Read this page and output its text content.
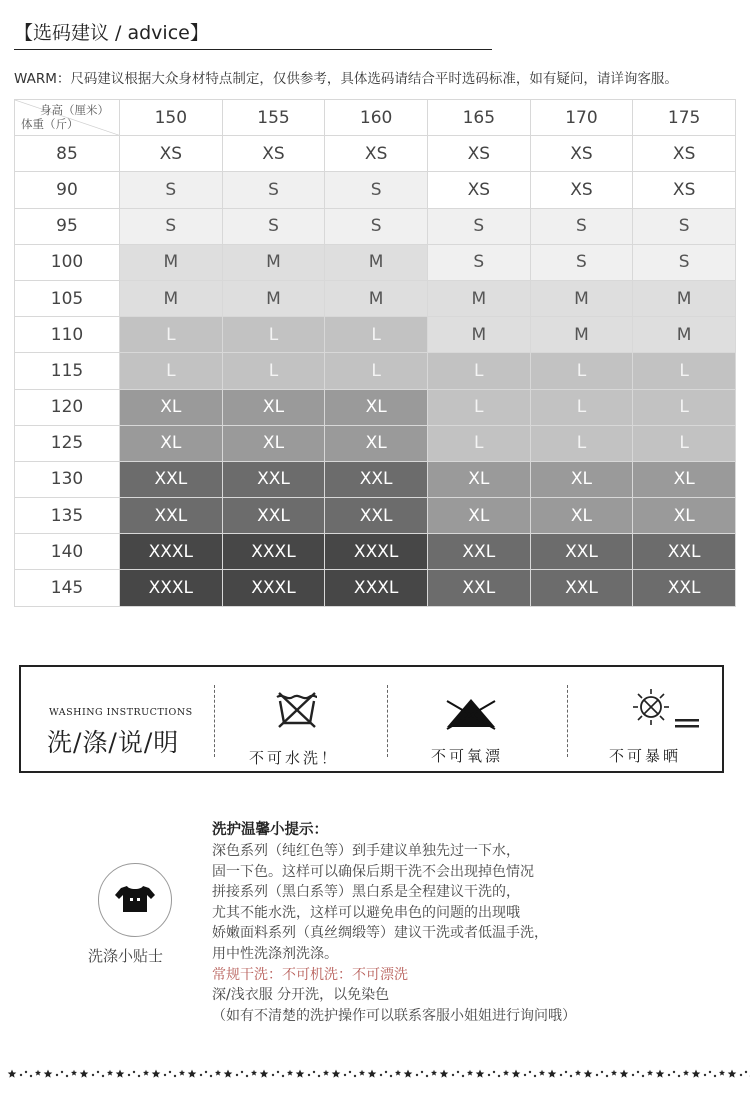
【选码建议 / advice】
WARM：尺码建议根据大众身材特点制定，仅供参考，具体选码请结合平时选码标准，如有疑问，请详询客服。
身高（厘米）
体重（斤）	150	155	160	165	170	175
85	XS	XS	XS	XS	XS	XS
90	S	S	S	XS	XS	XS
95	S	S	S	S	S	S
100	M	M	M	S	S	S
105	M	M	M	M	M	M
110	L	L	L	M	M	M
115	L	L	L	L	L	L
120	XL	XL	XL	L	L	L
125	XL	XL	XL	L	L	L
130	XXL	XXL	XXL	XL	XL	XL
135	XXL	XXL	XXL	XL	XL	XL
140	XXXL	XXXL	XXXL	XXL	XXL	XXL
145	XXXL	XXXL	XXXL	XXL	XXL	XXL
WASHING INSTRUCTIONS
洗/涤/说/明
不可水洗！	不可氧漂	不可暴晒
洗涤小贴士
洗护温馨小提示：
深色系列（纯红色等）到手建议单独先过一下水，
固一下色。这样可以确保后期干洗不会出现掉色情况
拼接系列（黑白系等）黑白系是全程建议干洗的，
尤其不能水洗，这样可以避免串色的问题的出现哦
娇嫩面料系列（真丝绸缎等）建议干洗或者低温手洗，
用中性洗涤剂洗涤。
常规干洗：不可机洗：不可漂洗
深/浅衣服 分开洗，以免染色
（如有不清楚的洗护操作可以联系客服小姐姐进行询问哦）
